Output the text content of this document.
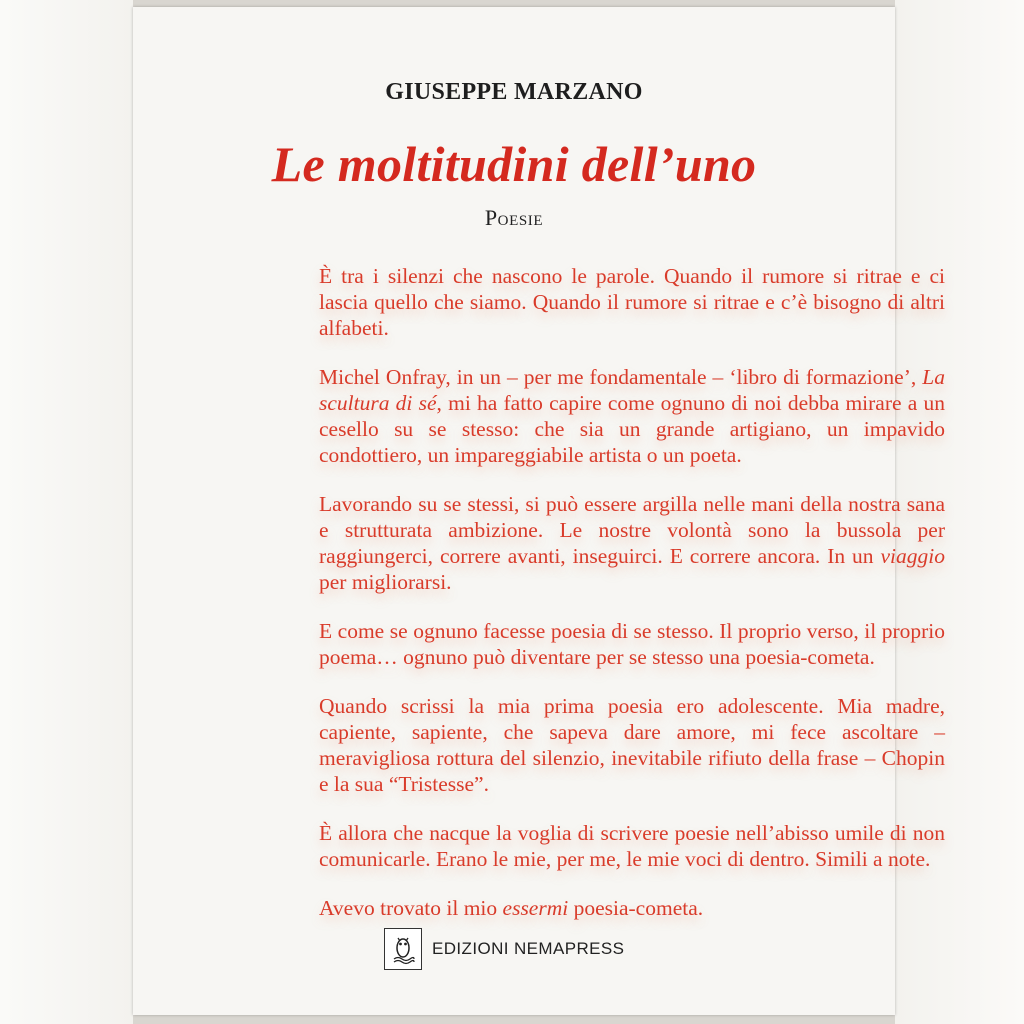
GIUSEPPE MARZANO
Le moltitudini dell’uno
Poesie

È tra i silenzi che nascono le parole. Quando il rumore si ritrae e ci lascia quello che siamo. Quando il rumore si ritrae e c’è bisogno di altri alfabeti.

Michel Onfray, in un – per me fondamentale – ‘libro di formazione’, La scultura di sé, mi ha fatto capire come ognuno di noi debba mirare a un cesello su se stesso: che sia un grande artigiano, un impavido condottiero, un impareggiabile artista o un poeta.

Lavorando su se stessi, si può essere argilla nelle mani della nostra sana e strutturata ambizione. Le nostre volontà sono la bussola per raggiungerci, correre avanti, inseguirci. E correre ancora. In un viaggio per migliorarsi.

E come se ognuno facesse poesia di se stesso. Il proprio verso, il proprio poema… ognuno può diventare per se stesso una poesia-cometa.

Quando scrissi la mia prima poesia ero adolescente. Mia madre, capiente, sapiente, che sapeva dare amore, mi fece ascoltare – meravigliosa rottura del silenzio, inevitabile rifiuto della frase – Chopin e la sua “Tristesse”.

È allora che nacque la voglia di scrivere poesie nell’abisso umile di non comunicarle. Erano le mie, per me, le mie voci di dentro. Simili a note.

Avevo trovato il mio essermi poesia-cometa.

EDIZIONI NEMAPRESS
